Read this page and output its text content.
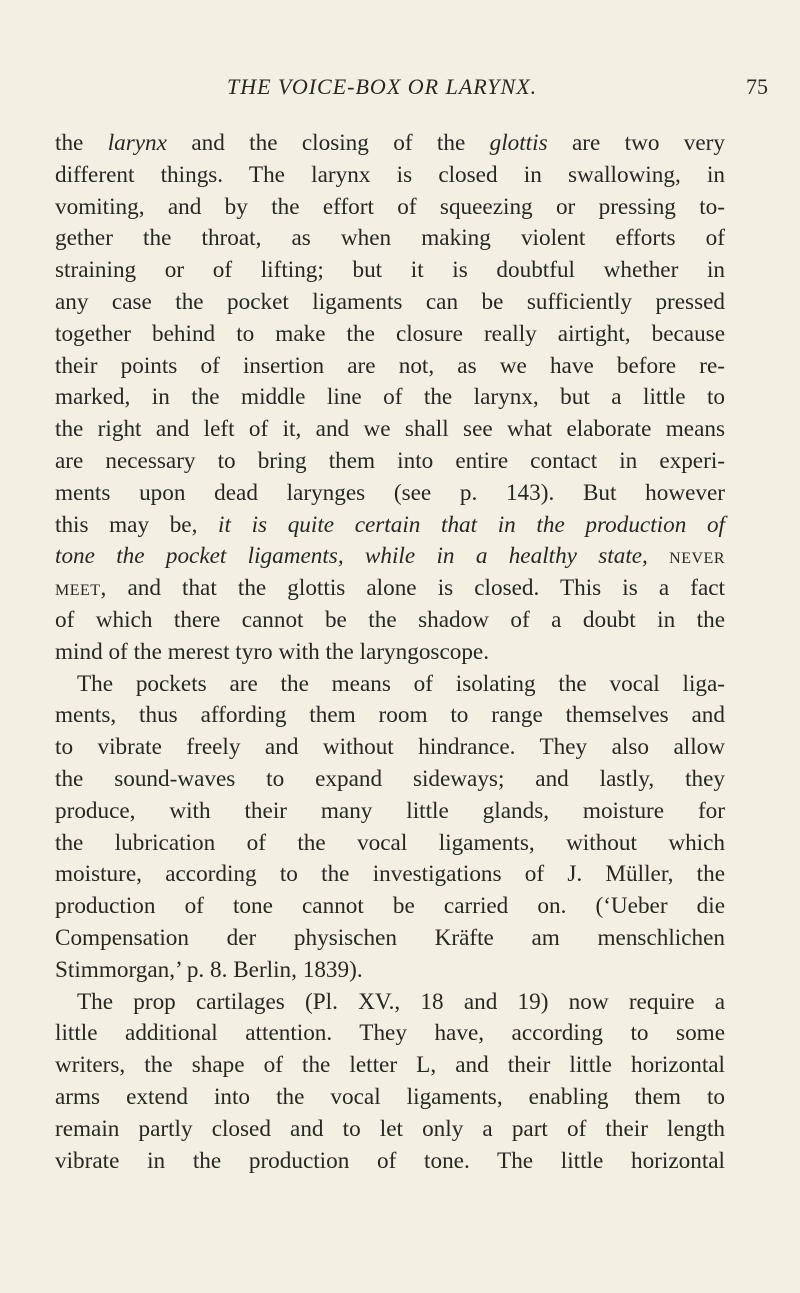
THE VOICE-BOX OR LARYNX.	75
the larynx and the closing of the glottis are two very
different things. The larynx is closed in swallowing, in
vomiting, and by the effort of squeezing or pressing to-
gether the throat, as when making violent efforts of
straining or of lifting; but it is doubtful whether in
any case the pocket ligaments can be sufficiently pressed
together behind to make the closure really airtight, because
their points of insertion are not, as we have before re-
marked, in the middle line of the larynx, but a little to
the right and left of it, and we shall see what elaborate means
are necessary to bring them into entire contact in experi-
ments upon dead larynges (see p. 143). But however
this may be, it is quite certain that in the production of
tone the pocket ligaments, while in a healthy state, never
meet, and that the glottis alone is closed. This is a fact
of which there cannot be the shadow of a doubt in the
mind of the merest tyro with the laryngoscope.
The pockets are the means of isolating the vocal liga-
ments, thus affording them room to range themselves and
to vibrate freely and without hindrance. They also allow
the sound-waves to expand sideways; and lastly, they
produce, with their many little glands, moisture for
the lubrication of the vocal ligaments, without which
moisture, according to the investigations of J. Müller, the
production of tone cannot be carried on. (‘Ueber die
Compensation der physischen Kräfte am menschlichen
Stimmorgan,’ p. 8. Berlin, 1839).
The prop cartilages (Pl. XV., 18 and 19) now require a
little additional attention. They have, according to some
writers, the shape of the letter L, and their little horizontal
arms extend into the vocal ligaments, enabling them to
remain partly closed and to let only a part of their length
vibrate in the production of tone. The little horizontal
